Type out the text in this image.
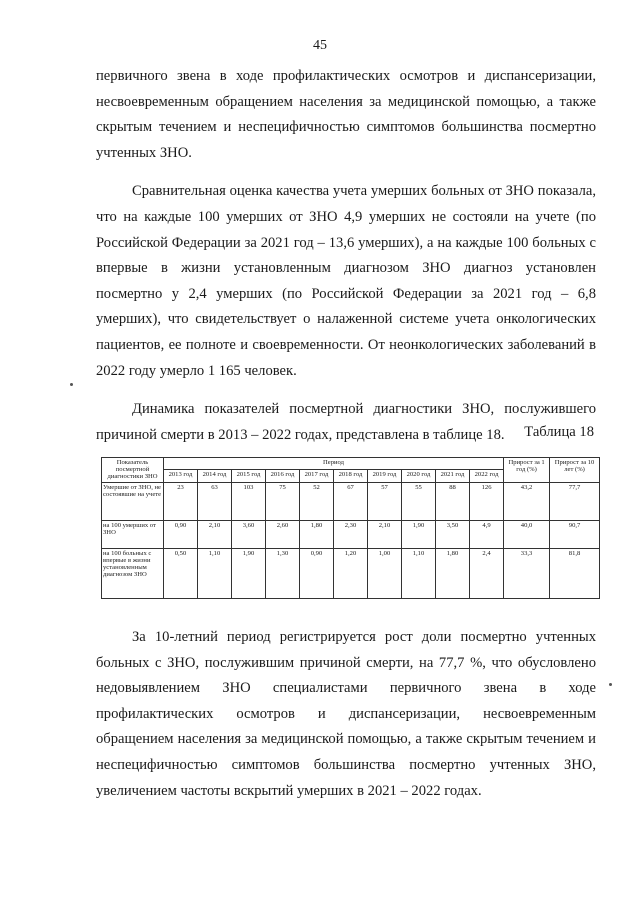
45

первичного звена в ходе профилактических осмотров и диспансеризации, несвоевременным обращением населения за медицинской помощью, а также скрытым течением и неспецифичностью симптомов большинства посмертно учтенных ЗНО.

Сравнительная оценка качества учета умерших больных от ЗНО показала, что на каждые 100 умерших от ЗНО 4,9 умерших не состояли на учете (по Российской Федерации за 2021 год – 13,6 умерших), а на каждые 100 больных с впервые в жизни установленным диагнозом ЗНО диагноз установлен посмертно у 2,4 умерших (по Российской Федерации за 2021 год – 6,8 умерших), что свидетельствует о налаженной системе учета онкологических пациентов, ее полноте и своевременности. От неонкологических заболеваний в 2022 году умерло 1 165 человек.

Динамика показателей посмертной диагностики ЗНО, послужившего причиной смерти в 2013 – 2022 годах, представлена в таблице 18.	Таблица 18
Показатель посмертной диагностики ЗНО	Период										Прирост за 1 год (%)	Прирост за 10 лет (%)
	2013 год	2014 год	2015 год	2016 год	2017 год	2018 год	2019 год	2020 год	2021 год	2022 год		
Умершие от ЗНО, не состоявшие на учете	23	63	103	75	52	67	57	55	88	126	43,2	77,7
на 100 умерших от ЗНО	0,90	2,10	3,60	2,60	1,80	2,30	2,10	1,90	3,50	4,9	40,0	90,7
на 100 больных с впервые в жизни установленным диагнозом ЗНО	0,50	1,10	1,90	1,30	0,90	1,20	1,00	1,10	1,80	2,4	33,3	81,8

За 10-летний период регистрируется рост доли посмертно учтенных больных с ЗНО, послужившим причиной смерти, на 77,7 %, что обусловлено недовыявлением ЗНО специалистами первичного звена в ходе профилактических осмотров и диспансеризации, несвоевременным обращением населения за медицинской помощью, а также скрытым течением и неспецифичностью симптомов большинства посмертно учтенных ЗНО, увеличением частоты вскрытий умерших в 2021 – 2022 годах.
